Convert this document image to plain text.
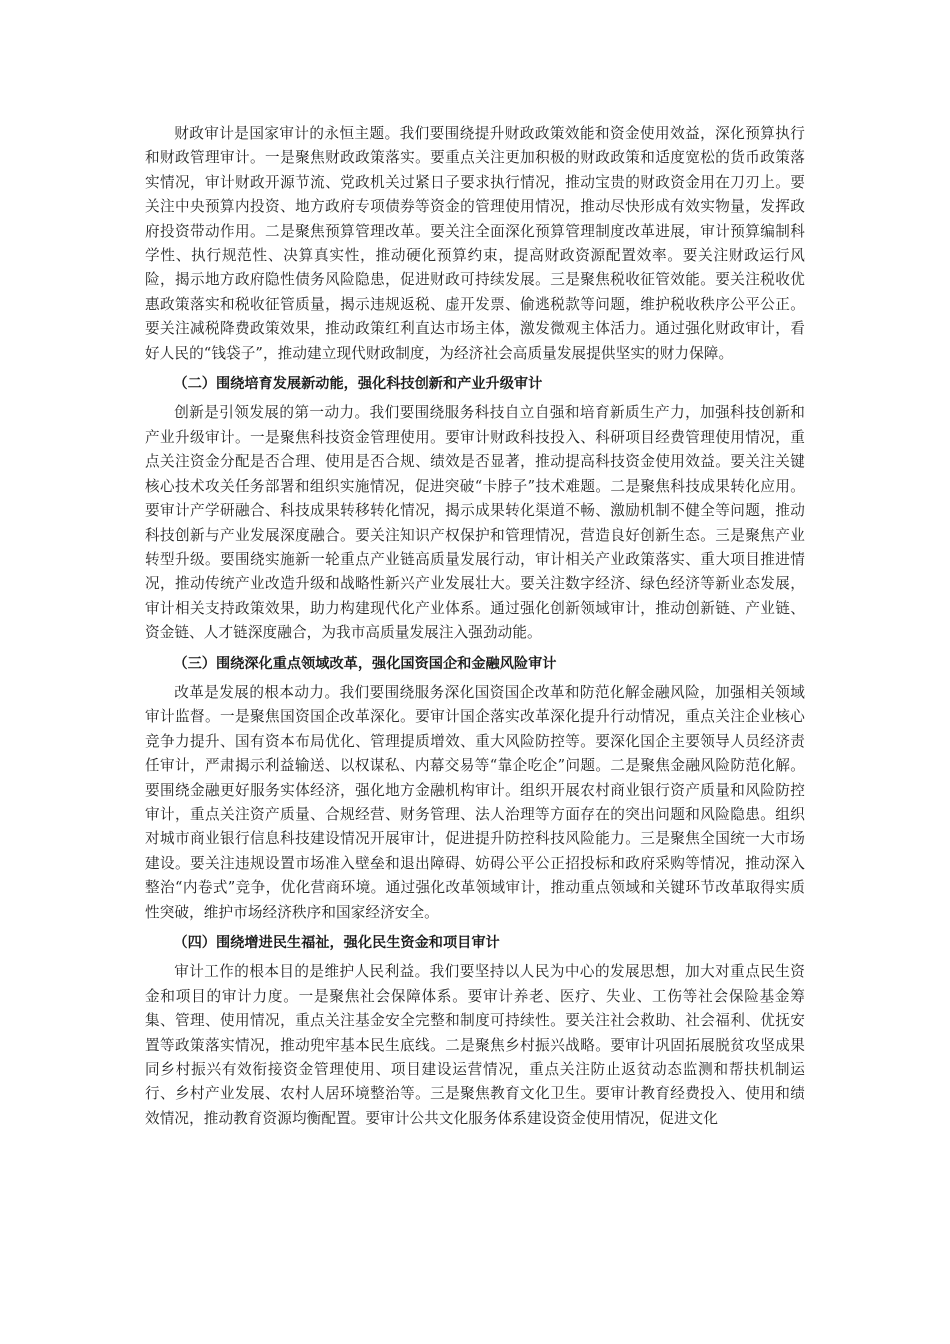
财政审计是国家审计的永恒主题。我们要围绕提升财政政策效能和资金使用效益，深化预算执行和财政管理审计。一是聚焦财政政策落实。要重点关注更加积极的财政政策和适度宽松的货币政策落实情况，审计财政开源节流、党政机关过紧日子要求执行情况，推动宝贵的财政资金用在刀刃上。要关注中央预算内投资、地方政府专项债券等资金的管理使用情况，推动尽快形成有效实物量，发挥政府投资带动作用。二是聚焦预算管理改革。要关注全面深化预算管理制度改革进展，审计预算编制科学性、执行规范性、决算真实性，推动硬化预算约束，提高财政资源配置效率。要关注财政运行风险，揭示地方政府隐性债务风险隐患，促进财政可持续发展。三是聚焦税收征管效能。要关注税收优惠政策落实和税收征管质量，揭示违规返税、虚开发票、偷逃税款等问题，维护税收秩序公平公正。要关注减税降费政策效果，推动政策红利直达市场主体，激发微观主体活力。通过强化财政审计，看好人民的“钱袋子”，推动建立现代财政制度，为经济社会高质量发展提供坚实的财力保障。

（二）围绕培育发展新动能，强化科技创新和产业升级审计

创新是引领发展的第一动力。我们要围绕服务科技自立自强和培育新质生产力，加强科技创新和产业升级审计。一是聚焦科技资金管理使用。要审计财政科技投入、科研项目经费管理使用情况，重点关注资金分配是否合理、使用是否合规、绩效是否显著，推动提高科技资金使用效益。要关注关键核心技术攻关任务部署和组织实施情况，促进突破“卡脖子”技术难题。二是聚焦科技成果转化应用。要审计产学研融合、科技成果转移转化情况，揭示成果转化渠道不畅、激励机制不健全等问题，推动科技创新与产业发展深度融合。要关注知识产权保护和管理情况，营造良好创新生态。三是聚焦产业转型升级。要围绕实施新一轮重点产业链高质量发展行动，审计相关产业政策落实、重大项目推进情况，推动传统产业改造升级和战略性新兴产业发展壮大。要关注数字经济、绿色经济等新业态发展，审计相关支持政策效果，助力构建现代化产业体系。通过强化创新领域审计，推动创新链、产业链、资金链、人才链深度融合，为我市高质量发展注入强劲动能。

（三）围绕深化重点领域改革，强化国资国企和金融风险审计

改革是发展的根本动力。我们要围绕服务深化国资国企改革和防范化解金融风险，加强相关领域审计监督。一是聚焦国资国企改革深化。要审计国企落实改革深化提升行动情况，重点关注企业核心竞争力提升、国有资本布局优化、管理提质增效、重大风险防控等。要深化国企主要领导人员经济责任审计，严肃揭示利益输送、以权谋私、内幕交易等“靠企吃企”问题。二是聚焦金融风险防范化解。要围绕金融更好服务实体经济，强化地方金融机构审计。组织开展农村商业银行资产质量和风险防控审计，重点关注资产质量、合规经营、财务管理、法人治理等方面存在的突出问题和风险隐患。组织对城市商业银行信息科技建设情况开展审计，促进提升防控科技风险能力。三是聚焦全国统一大市场建设。要关注违规设置市场准入壁垒和退出障碍、妨碍公平公正招投标和政府采购等情况，推动深入整治“内卷式”竞争，优化营商环境。通过强化改革领域审计，推动重点领域和关键环节改革取得实质性突破，维护市场经济秩序和国家经济安全。

（四）围绕增进民生福祉，强化民生资金和项目审计

审计工作的根本目的是维护人民利益。我们要坚持以人民为中心的发展思想，加大对重点民生资金和项目的审计力度。一是聚焦社会保障体系。要审计养老、医疗、失业、工伤等社会保险基金筹集、管理、使用情况，重点关注基金安全完整和制度可持续性。要关注社会救助、社会福利、优抚安置等政策落实情况，推动兜牢基本民生底线。二是聚焦乡村振兴战略。要审计巩固拓展脱贫攻坚成果同乡村振兴有效衔接资金管理使用、项目建设运营情况，重点关注防止返贫动态监测和帮扶机制运行、乡村产业发展、农村人居环境整治等。三是聚焦教育文化卫生。要审计教育经费投入、使用和绩效情况，推动教育资源均衡配置。要审计公共文化服务体系建设资金使用情况，促进文化
